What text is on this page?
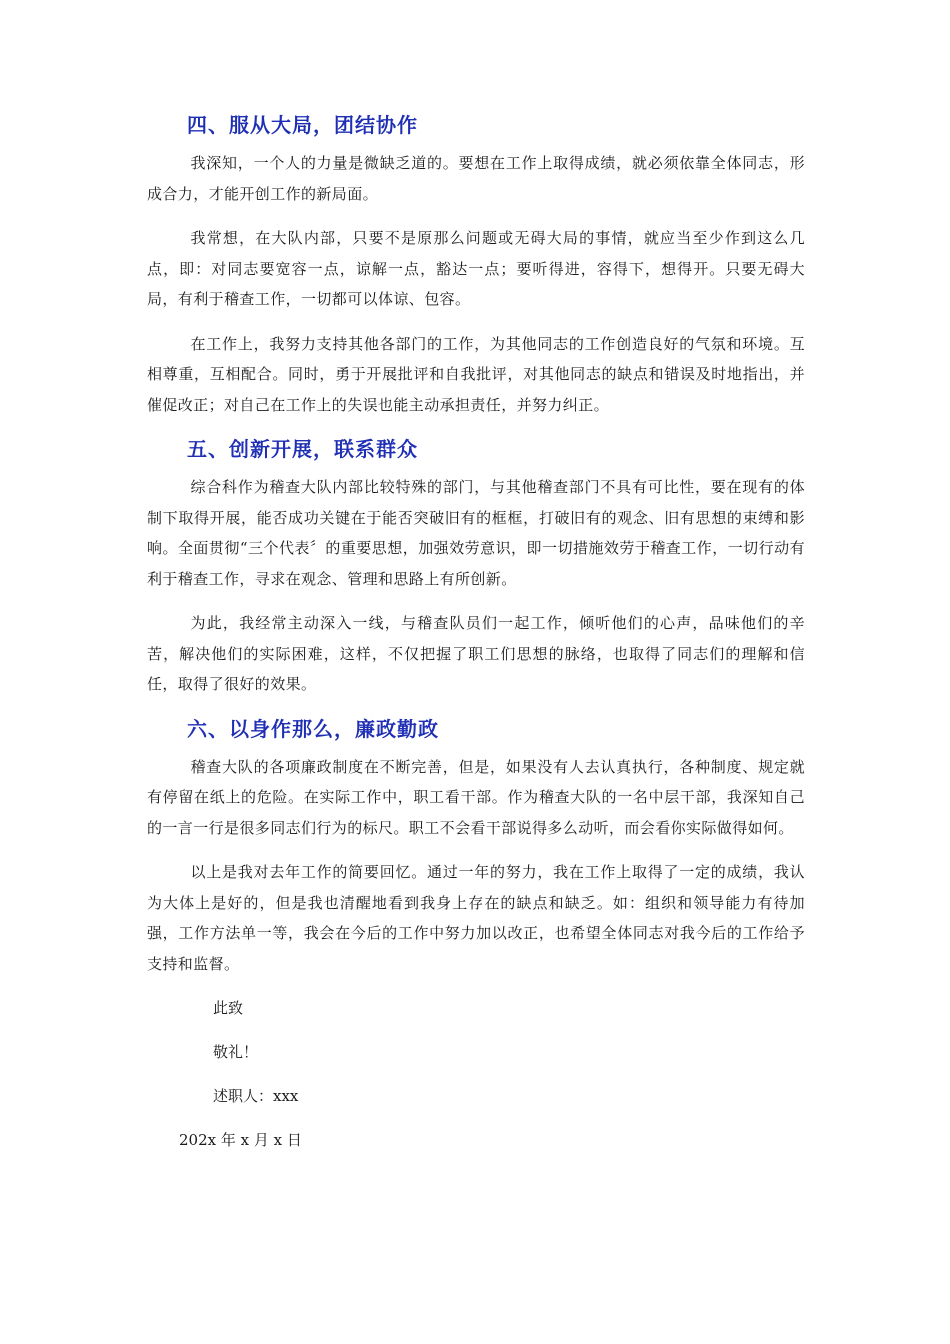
四、服从大局，团结协作

我深知，一个人的力量是微缺乏道的。要想在工作上取得成绩，就必须依靠全体同志，形成合力，才能开创工作的新局面。

我常想，在大队内部，只要不是原那么问题或无碍大局的事情，就应当至少作到这么几点，即：对同志要宽容一点，谅解一点，豁达一点；要听得进，容得下，想得开。只要无碍大局，有利于稽查工作，一切都可以体谅、包容。

在工作上，我努力支持其他各部门的工作，为其他同志的工作创造良好的气氛和环境。互相尊重，互相配合。同时，勇于开展批评和自我批评，对其他同志的缺点和错误及时地指出，并催促改正；对自己在工作上的失误也能主动承担责任，并努力纠正。

五、创新开展，联系群众

综合科作为稽查大队内部比较特殊的部门，与其他稽查部门不具有可比性，要在现有的体制下取得开展，能否成功关键在于能否突破旧有的框框，打破旧有的观念、旧有思想的束缚和影响。全面贯彻“三个代表〞的重要思想，加强效劳意识，即一切措施效劳于稽查工作，一切行动有利于稽查工作，寻求在观念、管理和思路上有所创新。

为此，我经常主动深入一线，与稽查队员们一起工作，倾听他们的心声，品味他们的辛苦，解决他们的实际困难，这样，不仅把握了职工们思想的脉络，也取得了同志们的理解和信任，取得了很好的效果。

六、以身作那么，廉政勤政

稽查大队的各项廉政制度在不断完善，但是，如果没有人去认真执行，各种制度、规定就有停留在纸上的危险。在实际工作中，职工看干部。作为稽查大队的一名中层干部，我深知自己的一言一行是很多同志们行为的标尺。职工不会看干部说得多么动听，而会看你实际做得如何。

以上是我对去年工作的简要回忆。通过一年的努力，我在工作上取得了一定的成绩，我认为大体上是好的，但是我也清醒地看到我身上存在的缺点和缺乏。如：组织和领导能力有待加强，工作方法单一等，我会在今后的工作中努力加以改正，也希望全体同志对我今后的工作给予支持和监督。

此致

敬礼！

述职人：xxx

202x 年 x 月 x 日
